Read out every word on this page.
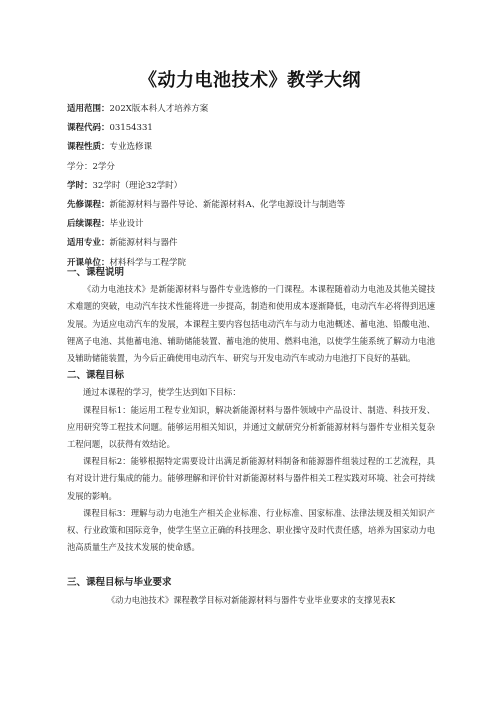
《动力电池技术》教学大纲
适用范围：202X版本科人才培养方案
课程代码：03154331
课程性质：专业选修课
学分：2学分
学时：32学时（理论32学时）
先修课程：新能源材料与器件导论、新能源材料A、化学电源设计与制造等
后续课程：毕业设计
适用专业：新能源材料与器件
开课单位：材料科学与工程学院
一、课程说明

《动力电池技术》是新能源材料与器件专业选修的一门课程。本课程随着动力电池及其他关键技术难题的突破，电动汽车技术性能将进一步提高，制造和使用成本逐渐降低，电动汽车必将得到迅速发展。为适应电动汽车的发展，本课程主要内容包括电动汽车与动力电池概述、蓄电池、铅酸电池、锂离子电池、其他蓄电池、辅助储能装置、蓄电池的使用、燃料电池，以使学生能系统了解动力电池及辅助储能装置，为今后正确使用电动汽车、研究与开发电动汽车或动力电池打下良好的基础。

二、课程目标

通过本课程的学习，使学生达到如下目标：

课程目标1：能运用工程专业知识，解决新能源材料与器件领域中产品设计、制造、科技开发、应用研究等工程技术问题。能够运用相关知识，并通过文献研究分析新能源材料与器件专业相关复杂工程问题，以获得有效结论。

课程目标2：能够根据特定需要设计出满足新能源材料制备和能源器件组装过程的工艺流程，具有对设计进行集成的能力。能够理解和评价针对新能源材料与器件相关工程实践对环境、社会可持续发展的影响。

课程目标3：理解与动力电池生产相关企业标准、行业标准、国家标准、法律法规及相关知识产权、行业政策和国际竞争，使学生坚立正确的科技理念、职业操守及时代责任感，培养为国家动力电池高质量生产及技术发展的使命感。

三、课程目标与毕业要求
《动力电池技术》课程教学目标对新能源材料与器件专业毕业要求的支撑见表K
